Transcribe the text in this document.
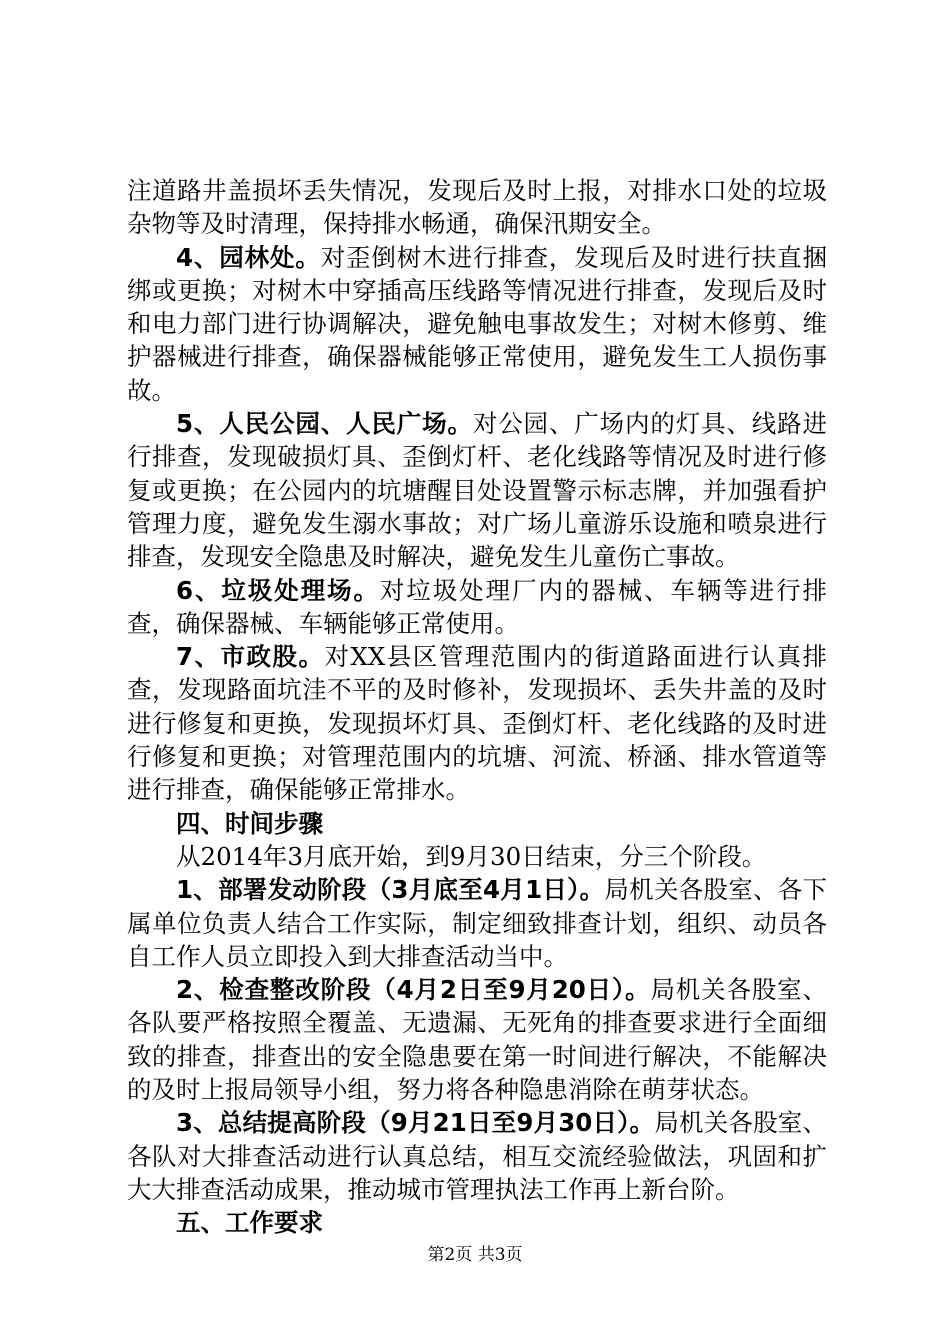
注道路井盖损坏丢失情况，发现后及时上报，对排水口处的垃圾杂物等及时清理，保持排水畅通，确保汛期安全。

4、园林处。对歪倒树木进行排查，发现后及时进行扶直捆绑或更换；对树木中穿插高压线路等情况进行排查，发现后及时和电力部门进行协调解决，避免触电事故发生；对树木修剪、维护器械进行排查，确保器械能够正常使用，避免发生工人损伤事故。

5、人民公园、人民广场。对公园、广场内的灯具、线路进行排查，发现破损灯具、歪倒灯杆、老化线路等情况及时进行修复或更换；在公园内的坑塘醒目处设置警示标志牌，并加强看护管理力度，避免发生溺水事故；对广场儿童游乐设施和喷泉进行排查，发现安全隐患及时解决，避免发生儿童伤亡事故。

6、垃圾处理场。对垃圾处理厂内的器械、车辆等进行排查，确保器械、车辆能够正常使用。

7、市政股。对XX县区管理范围内的街道路面进行认真排查，发现路面坑洼不平的及时修补，发现损坏、丢失井盖的及时进行修复和更换，发现损坏灯具、歪倒灯杆、老化线路的及时进行修复和更换；对管理范围内的坑塘、河流、桥涵、排水管道等进行排查，确保能够正常排水。

四、时间步骤

从2014年3月底开始，到9月30日结束，分三个阶段。

1、部署发动阶段（3月底至4月1日）。局机关各股室、各下属单位负责人结合工作实际，制定细致排查计划，组织、动员各自工作人员立即投入到大排查活动当中。

2、检查整改阶段（4月2日至9月20日）。局机关各股室、各队要严格按照全覆盖、无遗漏、无死角的排查要求进行全面细致的排查，排查出的安全隐患要在第一时间进行解决，不能解决的及时上报局领导小组，努力将各种隐患消除在萌芽状态。

3、总结提高阶段（9月21日至9月30日）。局机关各股室、各队对大排查活动进行认真总结，相互交流经验做法，巩固和扩大大排查活动成果，推动城市管理执法工作再上新台阶。

五、工作要求

第2页 共3页
